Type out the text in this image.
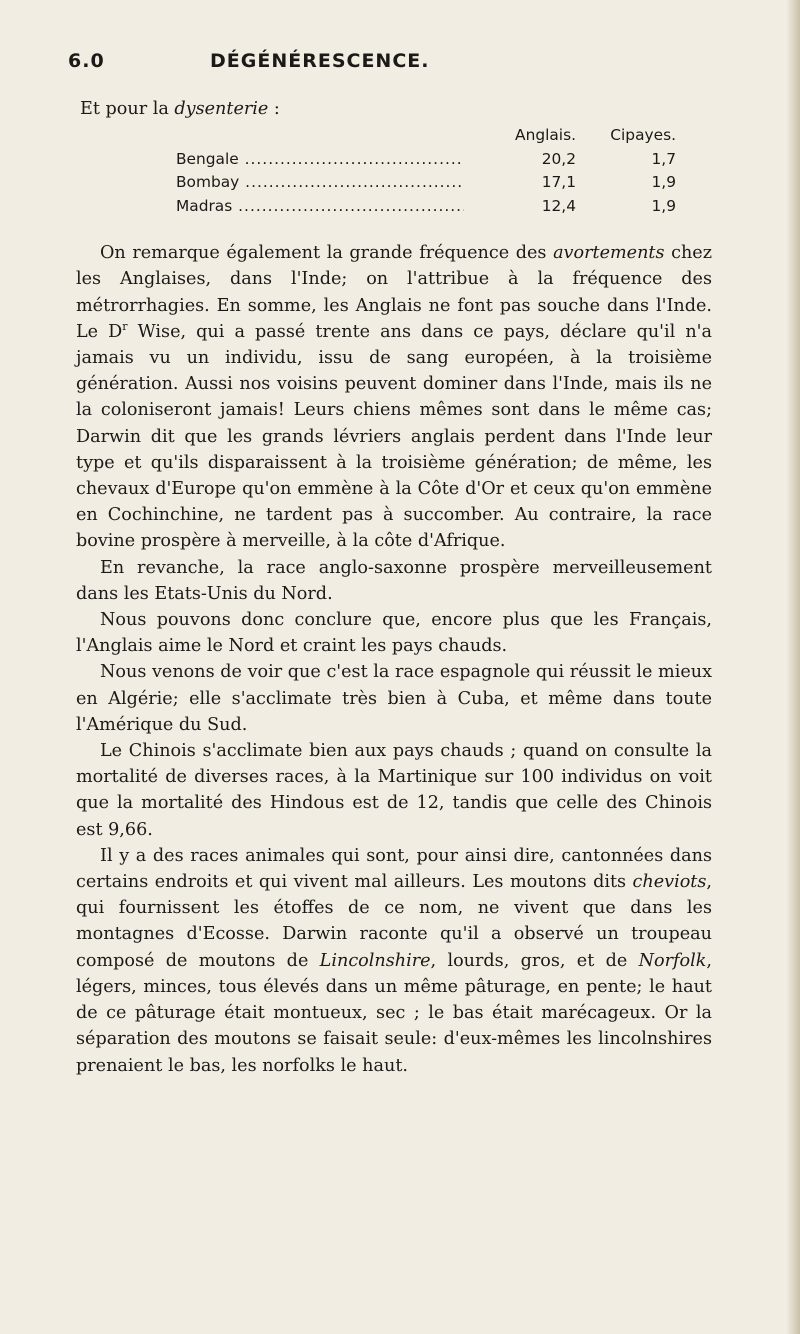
6.0	DÉGÉNÉRESCENCE.
Et pour la dysenterie :
	Anglais.	Cipayes.

Bengale .....	20,2	1,7

Bombay .....	17,1	1,9

Madras .....	12,4	1,9

On remarque également la grande fréquence des avortements chez les Anglaises, dans l'Inde; on l'attribue à la fréquence des métrorrhagies. En somme, les Anglais ne font pas souche dans l'Inde. Le $D^r$ Wise, qui a passé trente ans dans ce pays, déclare qu'il n'a jamais vu un individu, issu de sang européen, à la troisième génération. Aussi nos voisins peuvent dominer dans l'Inde, mais ils ne la coloniseront jamais! Leurs chiens mêmes sont dans le même cas; Darwin dit que les grands lévriers anglais perdent dans l'Inde leur type et qu'ils disparaissent à la troisième génération; de même, les chevaux d'Europe qu'on emmène à la Côte d'Or et ceux qu'on emmène en Cochinchine, ne tardent pas à succomber. Au contraire, la race bovine prospère à merveille, à la côte d'Afrique.

En revanche, la race anglo-saxonne prospère merveilleusement dans les Etats-Unis du Nord.

Nous pouvons donc conclure que, encore plus que les Français, l'Anglais aime le Nord et craint les pays chauds.

Nous venons de voir que c'est la race espagnole qui réussit le mieux en Algérie; elle s'acclimate très bien à Cuba, et même dans toute l'Amérique du Sud.

Le Chinois s'acclimate bien aux pays chauds ; quand on consulte la mortalité de diverses races, à la Martinique sur 100 individus on voit que la mortalité des Hindous est de 12, tandis que celle des Chinois est 9,66.

Il y a des races animales qui sont, pour ainsi dire, cantonnées dans certains endroits et qui vivent mal ailleurs. Les moutons dits cheviots, qui fournissent les étoffes de ce nom, ne vivent que dans les montagnes d'Ecosse. Darwin raconte qu'il a observé un troupeau composé de moutons de Lincolnshire, lourds, gros, et de Norfolk, légers, minces, tous élevés dans un même pâturage, en pente; le haut de ce pâturage était montueux, sec ; le bas était marécageux. Or la séparation des moutons se faisait seule: d'eux-mêmes les lincolnshires prenaient le bas, les norfolks le haut.
